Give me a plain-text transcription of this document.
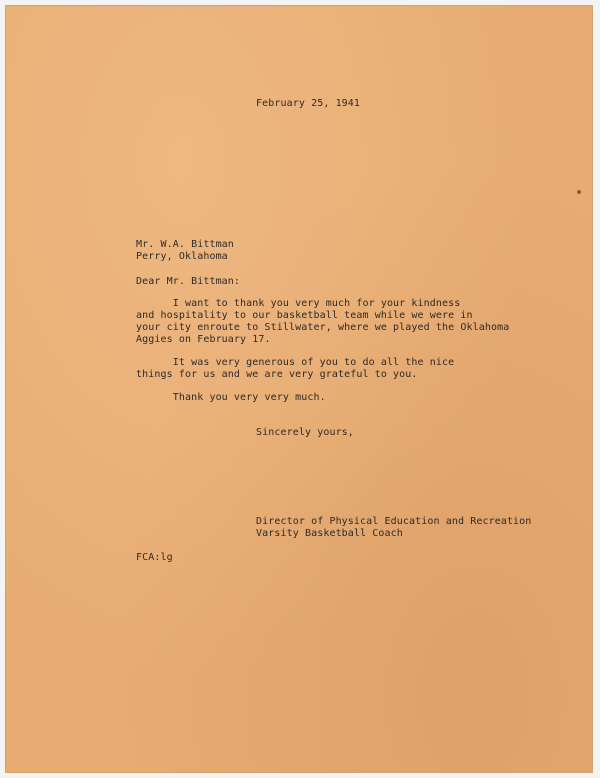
February 25, 1941
Mr. W.A. Bittman
Perry, Oklahoma
Dear Mr. Bittman:
I want to thank you very much for your kindness
and hospitality to our basketball team while we were in
your city enroute to Stillwater, where we played the Oklahoma
Aggies on February 17.
It was very generous of you to do all the nice
things for us and we are very grateful to you.
Thank you very very much.
Sincerely yours,
Director of Physical Education and Recreation
Varsity Basketball Coach
FCA:lg
